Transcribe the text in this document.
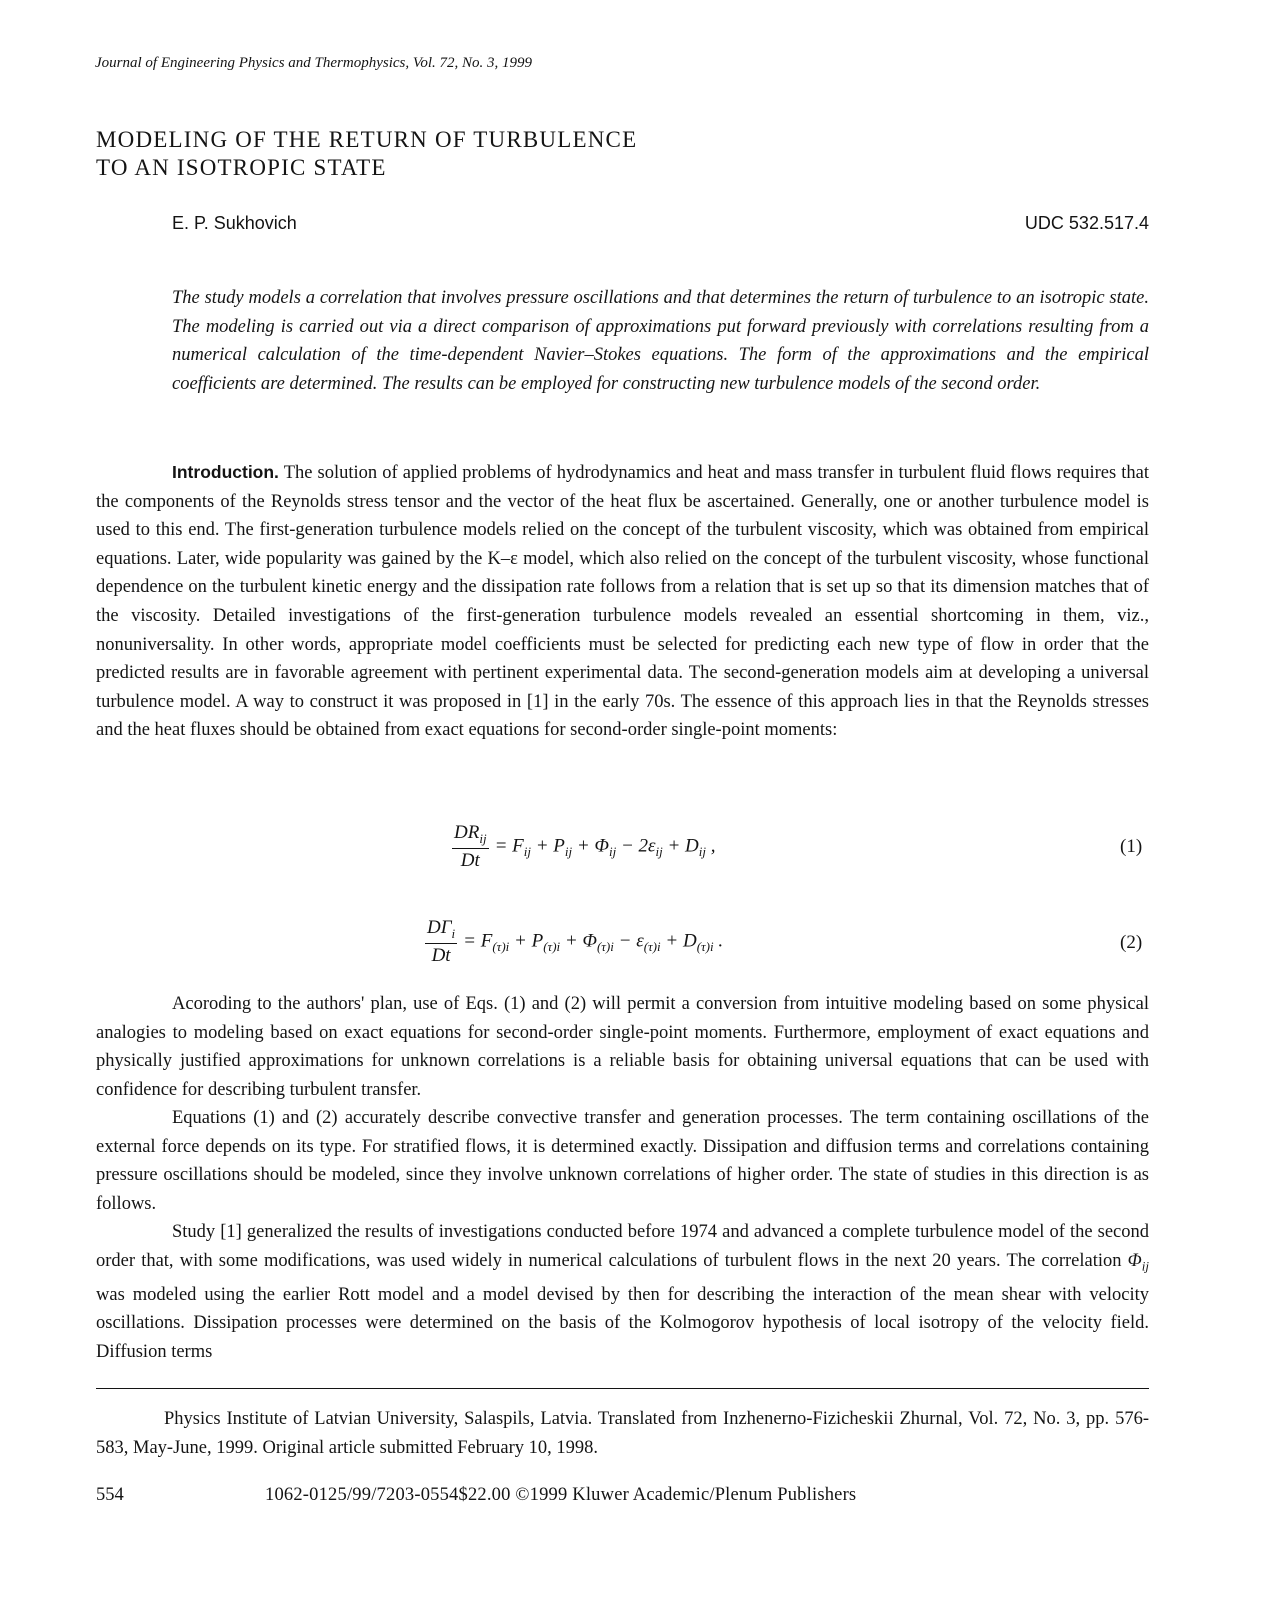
Journal of Engineering Physics and Thermophysics, Vol. 72, No. 3, 1999
MODELING OF THE RETURN OF TURBULENCE
TO AN ISOTROPIC STATE
E. P. Sukhovich	UDC 532.517.4
The study models a correlation that involves pressure oscillations and that determines the return of turbulence to an isotropic state. The modeling is carried out via a direct comparison of approximations put forward previously with correlations resulting from a numerical calculation of the time-dependent Navier–Stokes equations. The form of the approximations and the empirical coefficients are determined. The results can be employed for constructing new turbulence models of the second order.

Introduction. The solution of applied problems of hydrodynamics and heat and mass transfer in turbulent fluid flows requires that the components of the Reynolds stress tensor and the vector of the heat flux be ascertained. Generally, one or another turbulence model is used to this end. The first-generation turbulence models relied on the concept of the turbulent viscosity, which was obtained from empirical equations. Later, wide popularity was gained by the K–ε model, which also relied on the concept of the turbulent viscosity, whose functional dependence on the turbulent kinetic energy and the dissipation rate follows from a relation that is set up so that its dimension matches that of the viscosity. Detailed investigations of the first-generation turbulence models revealed an essential shortcoming in them, viz., nonuniversality. In other words, appropriate model coefficients must be selected for predicting each new type of flow in order that the predicted results are in favorable agreement with pertinent experimental data. The second-generation models aim at developing a universal turbulence model. A way to construct it was proposed in [1] in the early 70s. The essence of this approach lies in that the Reynolds stresses and the heat fluxes should be obtained from exact equations for second-order single-point moments:

$\frac{DR_{ij}}{Dt} = F_{ij} + P_{ij} + \Phi_{ij} - 2\varepsilon_{ij} + D_{ij}$ ,	(1)
$\frac{D\Gamma_i}{Dt} = F_{(\tau)i} + P_{(\tau)i} + \Phi_{(\tau)i} - \varepsilon_{(\tau)i} + D_{(\tau)i}$ .	(2)

Acoroding to the authors' plan, use of Eqs. (1) and (2) will permit a conversion from intuitive modeling based on some physical analogies to modeling based on exact equations for second-order single-point moments. Furthermore, employment of exact equations and physically justified approximations for unknown correlations is a reliable basis for obtaining universal equations that can be used with confidence for describing turbulent transfer.

Equations (1) and (2) accurately describe convective transfer and generation processes. The term containing oscillations of the external force depends on its type. For stratified flows, it is determined exactly. Dissipation and diffusion terms and correlations containing pressure oscillations should be modeled, since they involve unknown correlations of higher order. The state of studies in this direction is as follows.

Study [1] generalized the results of investigations conducted before 1974 and advanced a complete turbulence model of the second order that, with some modifications, was used widely in numerical calculations of turbulent flows in the next 20 years. The correlation $\Phi_{ij}$ was modeled using the earlier Rott model and a model devised by then for describing the interaction of the mean shear with velocity oscillations. Dissipation processes were determined on the basis of the Kolmogorov hypothesis of local isotropy of the velocity field. Diffusion terms

Physics Institute of Latvian University, Salaspils, Latvia. Translated from Inzhenerno-Fizicheskii Zhurnal, Vol. 72, No. 3, pp. 576-583, May-June, 1999. Original article submitted February 10, 1998.

554	1062-0125/99/7203-0554$22.00 ©1999 Kluwer Academic/Plenum Publishers
